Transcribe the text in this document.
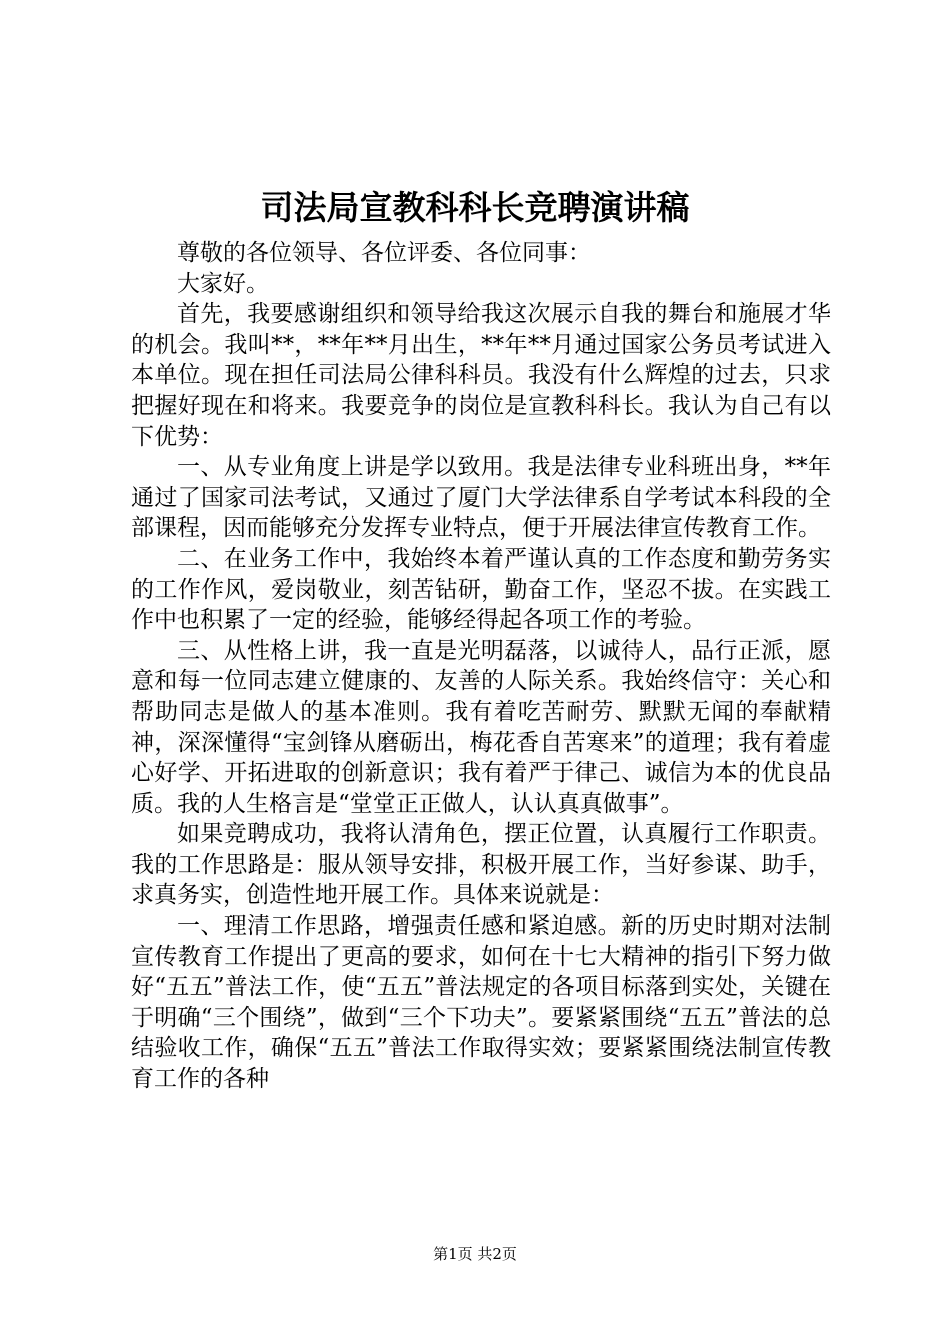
司法局宣教科科长竞聘演讲稿

尊敬的各位领导、各位评委、各位同事：

大家好。

首先，我要感谢组织和领导给我这次展示自我的舞台和施展才华的机会。我叫**，**年**月出生，**年**月通过国家公务员考试进入本单位。现在担任司法局公律科科员。我没有什么辉煌的过去，只求把握好现在和将来。我要竞争的岗位是宣教科科长。我认为自己有以下优势：

一、从专业角度上讲是学以致用。我是法律专业科班出身，**年通过了国家司法考试，又通过了厦门大学法律系自学考试本科段的全部课程，因而能够充分发挥专业特点，便于开展法律宣传教育工作。

二、在业务工作中，我始终本着严谨认真的工作态度和勤劳务实的工作作风，爱岗敬业，刻苦钻研，勤奋工作，坚忍不拔。在实践工作中也积累了一定的经验，能够经得起各项工作的考验。

三、从性格上讲，我一直是光明磊落，以诚待人，品行正派，愿意和每一位同志建立健康的、友善的人际关系。我始终信守：关心和帮助同志是做人的基本准则。我有着吃苦耐劳、默默无闻的奉献精神，深深懂得“宝剑锋从磨砺出，梅花香自苦寒来”的道理；我有着虚心好学、开拓进取的创新意识；我有着严于律己、诚信为本的优良品质。我的人生格言是“堂堂正正做人，认认真真做事”。

如果竞聘成功，我将认清角色，摆正位置，认真履行工作职责。我的工作思路是：服从领导安排，积极开展工作，当好参谋、助手，求真务实，创造性地开展工作。具体来说就是：

一、理清工作思路，增强责任感和紧迫感。新的历史时期对法制宣传教育工作提出了更高的要求，如何在十七大精神的指引下努力做好“五五”普法工作，使“五五”普法规定的各项目标落到实处，关键在于明确“三个围绕”，做到“三个下功夫”。要紧紧围绕“五五”普法的总结验收工作，确保“五五”普法工作取得实效；要紧紧围绕法制宣传教育工作的各种

第1页 共2页
